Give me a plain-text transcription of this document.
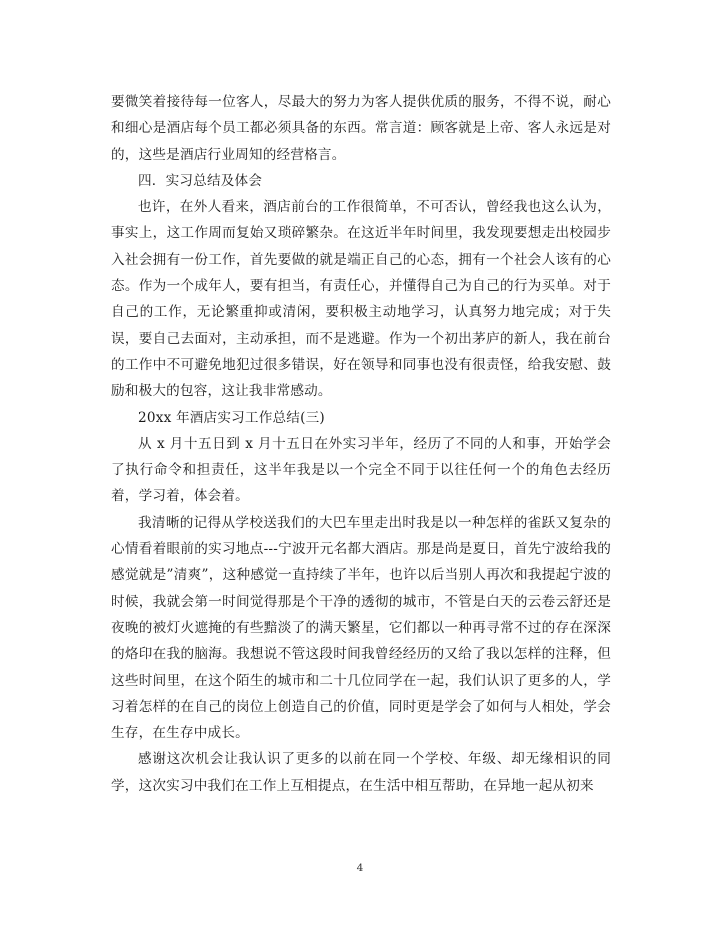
要微笑着接待每一位客人，尽最大的努力为客人提供优质的服务，不得不说，耐心和细心是酒店每个员工都必须具备的东西。常言道：顾客就是上帝、客人永远是对的，这些是酒店行业周知的经营格言。

四．实习总结及体会

也许，在外人看来，酒店前台的工作很简单，不可否认，曾经我也这么认为，事实上，这工作周而复始又琐碎繁杂。在这近半年时间里，我发现要想走出校园步入社会拥有一份工作，首先要做的就是端正自己的心态，拥有一个社会人该有的心态。作为一个成年人，要有担当，有责任心，并懂得自己为自己的行为买单。对于自己的工作，无论繁重抑或清闲，要积极主动地学习，认真努力地完成；对于失误，要自己去面对，主动承担，而不是逃避。作为一个初出茅庐的新人，我在前台的工作中不可避免地犯过很多错误，好在领导和同事也没有很责怪，给我安慰、鼓励和极大的包容，这让我非常感动。

20xx 年酒店实习工作总结(三)

从 x 月十五日到 x 月十五日在外实习半年，经历了不同的人和事，开始学会了执行命令和担责任，这半年我是以一个完全不同于以往任何一个的角色去经历着，学习着，体会着。

我清晰的记得从学校送我们的大巴车里走出时我是以一种怎样的雀跃又复杂的心情看着眼前的实习地点---宁波开元名都大酒店。那是尚是夏日，首先宁波给我的感觉就是”清爽”，这种感觉一直持续了半年，也许以后当别人再次和我提起宁波的时候，我就会第一时间觉得那是个干净的透彻的城市，不管是白天的云卷云舒还是夜晚的被灯火遮掩的有些黯淡了的满天繁星，它们都以一种再寻常不过的存在深深的烙印在我的脑海。我想说不管这段时间我曾经经历的又给了我以怎样的注释，但这些时间里，在这个陌生的城市和二十几位同学在一起，我们认识了更多的人，学习着怎样的在自己的岗位上创造自己的价值，同时更是学会了如何与人相处，学会生存，在生存中成长。

感谢这次机会让我认识了更多的以前在同一个学校、年级、却无缘相识的同学，这次实习中我们在工作上互相提点，在生活中相互帮助，在异地一起从初来

4
